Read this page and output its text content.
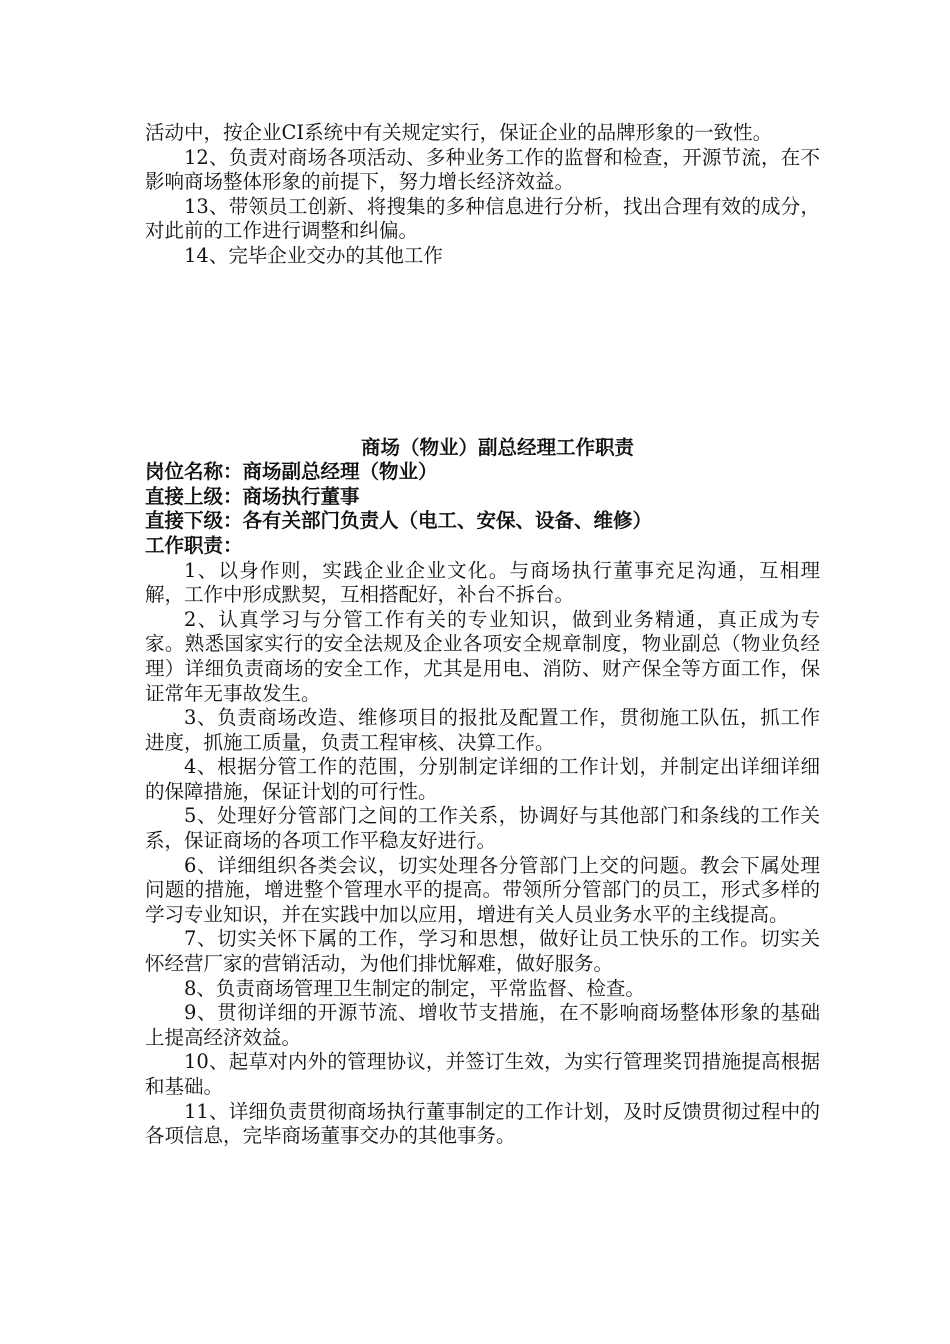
活动中，按企业CI系统中有关规定实行，保证企业的品牌形象的一致性。

12、负责对商场各项活动、多种业务工作的监督和检查，开源节流，在不影响商场整体形象的前提下，努力增长经济效益。

13、带领员工创新、将搜集的多种信息进行分析，找出合理有效的成分，对此前的工作进行调整和纠偏。

14、完毕企业交办的其他工作

商场（物业）副总经理工作职责

岗位名称：商场副总经理（物业）

直接上级：商场执行董事

直接下级：各有关部门负责人（电工、安保、设备、维修）

工作职责：

1、以身作则，实践企业企业文化。与商场执行董事充足沟通，互相理解，工作中形成默契，互相搭配好，补台不拆台。

2、认真学习与分管工作有关的专业知识，做到业务精通，真正成为专家。熟悉国家实行的安全法规及企业各项安全规章制度，物业副总（物业负经理）详细负责商场的安全工作，尤其是用电、消防、财产保全等方面工作，保证常年无事故发生。

3、负责商场改造、维修项目的报批及配置工作，贯彻施工队伍，抓工作进度，抓施工质量，负责工程审核、决算工作。

4、根据分管工作的范围，分别制定详细的工作计划，并制定出详细详细的保障措施，保证计划的可行性。

5、处理好分管部门之间的工作关系，协调好与其他部门和条线的工作关系，保证商场的各项工作平稳友好进行。

6、详细组织各类会议，切实处理各分管部门上交的问题。教会下属处理问题的措施，增进整个管理水平的提高。带领所分管部门的员工，形式多样的学习专业知识，并在实践中加以应用，增进有关人员业务水平的主线提高。

7、切实关怀下属的工作，学习和思想，做好让员工快乐的工作。切实关怀经营厂家的营销活动，为他们排忧解难，做好服务。

8、负责商场管理卫生制定的制定，平常监督、检查。

9、贯彻详细的开源节流、增收节支措施，在不影响商场整体形象的基础上提高经济效益。

10、起草对内外的管理协议，并签订生效，为实行管理奖罚措施提高根据和基础。

11、详细负责贯彻商场执行董事制定的工作计划，及时反馈贯彻过程中的各项信息，完毕商场董事交办的其他事务。
